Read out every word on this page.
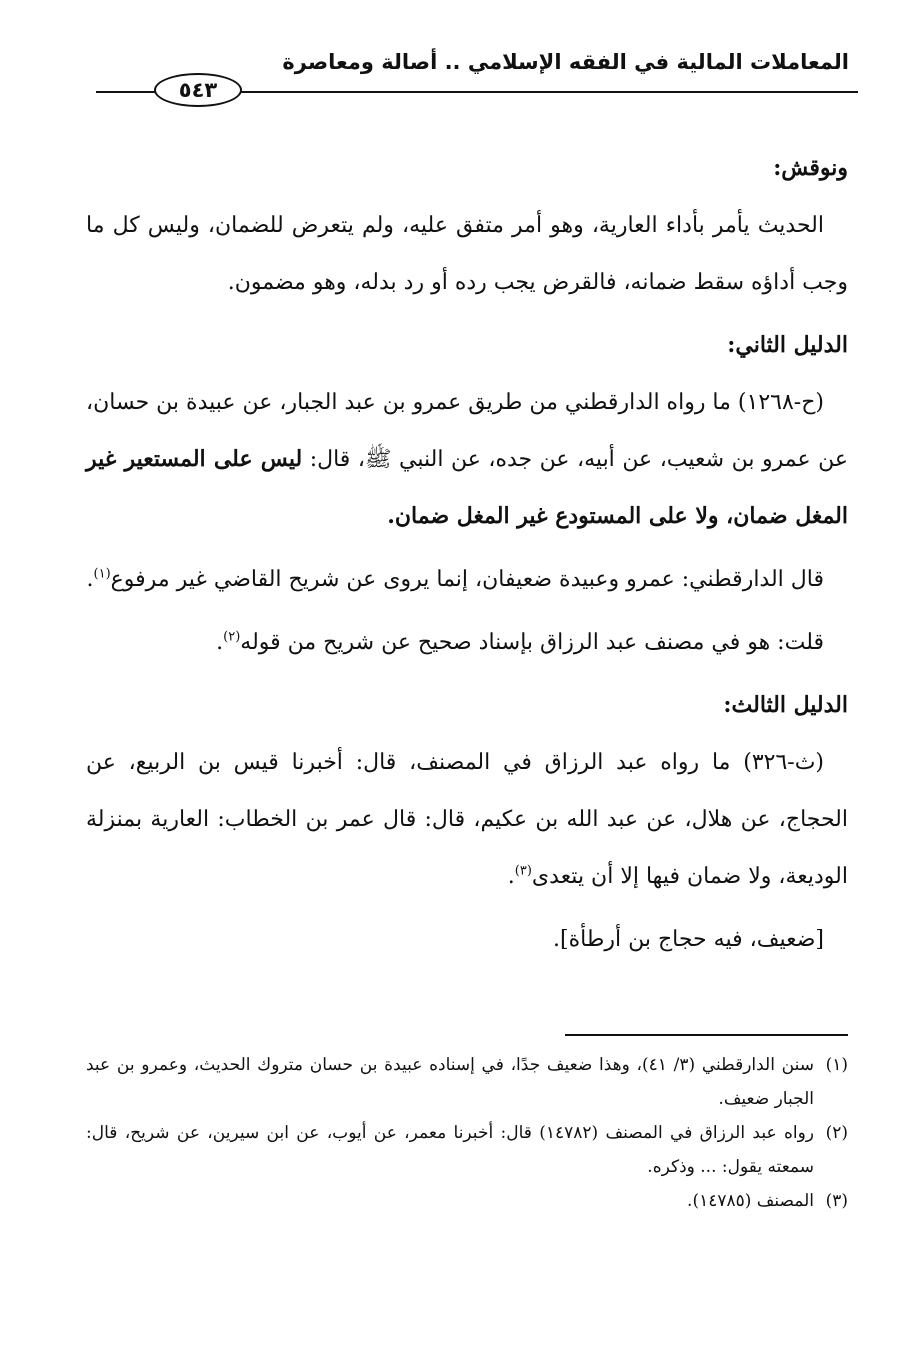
المعاملات المالية في الفقه الإسلامي .. أصالة ومعاصرة
٥٤٣

ونوقش:

الحديث يأمر بأداء العارية، وهو أمر متفق عليه، ولم يتعرض للضمان، وليس كل ما وجب أداؤه سقط ضمانه، فالقرض يجب رده أو رد بدله، وهو مضمون.

الدليل الثاني:

(ح-١٢٦٨) ما رواه الدارقطني من طريق عمرو بن عبد الجبار، عن عبيدة بن حسان، عن عمرو بن شعيب، عن أبيه، عن جده، عن النبي ﷺ، قال: ليس على المستعير غير المغل ضمان، ولا على المستودع غير المغل ضمان.

قال الدارقطني: عمرو وعبيدة ضعيفان، إنما يروى عن شريح القاضي غير مرفوع$^{(١)}$.

قلت: هو في مصنف عبد الرزاق بإسناد صحيح عن شريح من قوله$^{(٢)}$.

الدليل الثالث:

(ث-٣٢٦) ما رواه عبد الرزاق في المصنف، قال: أخبرنا قيس بن الربيع، عن الحجاج، عن هلال، عن عبد الله بن عكيم، قال: قال عمر بن الخطاب: العارية بمنزلة الوديعة، ولا ضمان فيها إلا أن يتعدى$^{(٣)}$.

[ضعيف، فيه حجاج بن أرطأة].

(١)
سنن الدارقطني (٣/ ٤١)، وهذا ضعيف جدًا، في إسناده عبيدة بن حسان متروك الحديث، وعمرو بن عبد الجبار ضعيف.

(٢)
رواه عبد الرزاق في المصنف (١٤٧٨٢) قال: أخبرنا معمر، عن أيوب، عن ابن سيرين، عن شريح، قال: سمعته يقول: ... وذكره.

(٣)
المصنف (١٤٧٨٥).
